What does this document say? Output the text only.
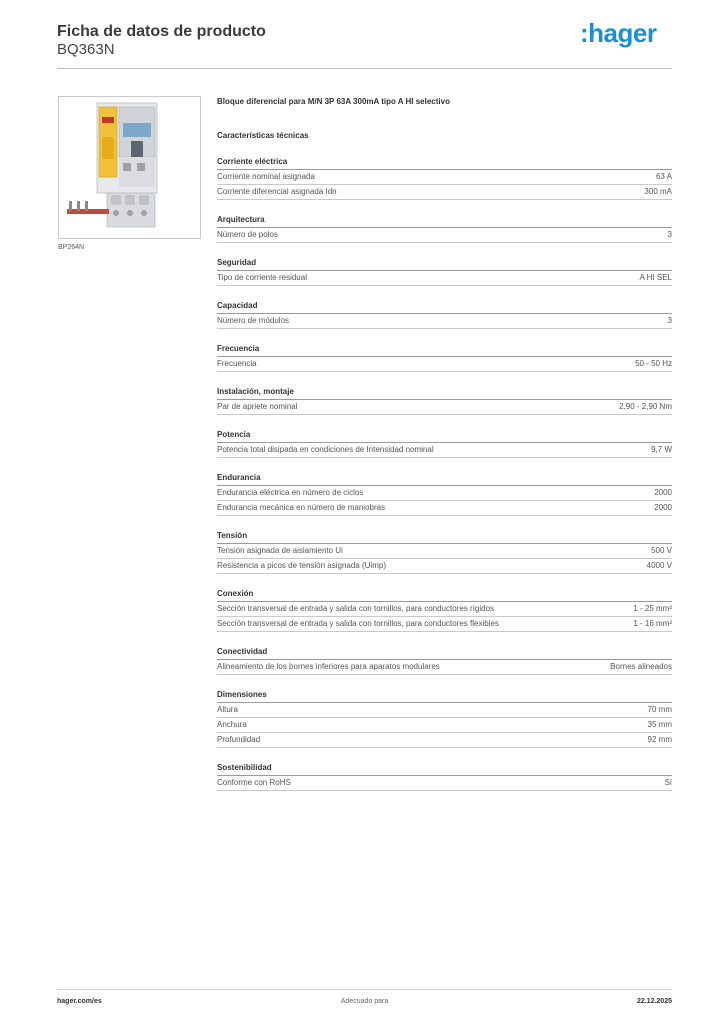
Ficha de datos de producto
BQ363N
:hager
BP264N
Bloque diferencial para M/N 3P 63A 300mA tipo A HI selectivo
Características técnicas
Corriente eléctrica
Corriente nominal asignada	63 A
Corriente diferencial asignada Idn	300 mA
Arquitectura
Número de polos	3
Seguridad
Tipo de corriente residual	A HI SEL
Capacidad
Número de módulos	3
Frecuencia
Frecuencia	50 - 50 Hz
Instalación, montaje
Par de apriete nominal	2,90 - 2,90 Nm
Potencia
Potencia total disipada en condiciones de Intensidad nominal	9,7 W
Endurancia
Endurancia eléctrica en número de ciclos	2000
Endurancia mecánica en número de maniobras	2000
Tensión
Tensión asignada de aislamiento Ui	500 V
Resistencia a picos de tensión asignada (Uimp)	4000 V
Conexión
Sección transversal de entrada y salida con tornillos, para conductores rígidos	1 - 25 mm²
Sección transversal de entrada y salida con tornillos, para conductores flexibles	1 - 16 mm²
Conectividad
Alineamiento de los bornes inferiores para aparatos modulares	Bornes alineados
Dimensiones
Altura	70 mm
Anchura	35 mm
Profundidad	92 mm
Sostenibilidad
Conforme con RoHS	Sí
hager.com/es	Adecuado para	22.12.2025
